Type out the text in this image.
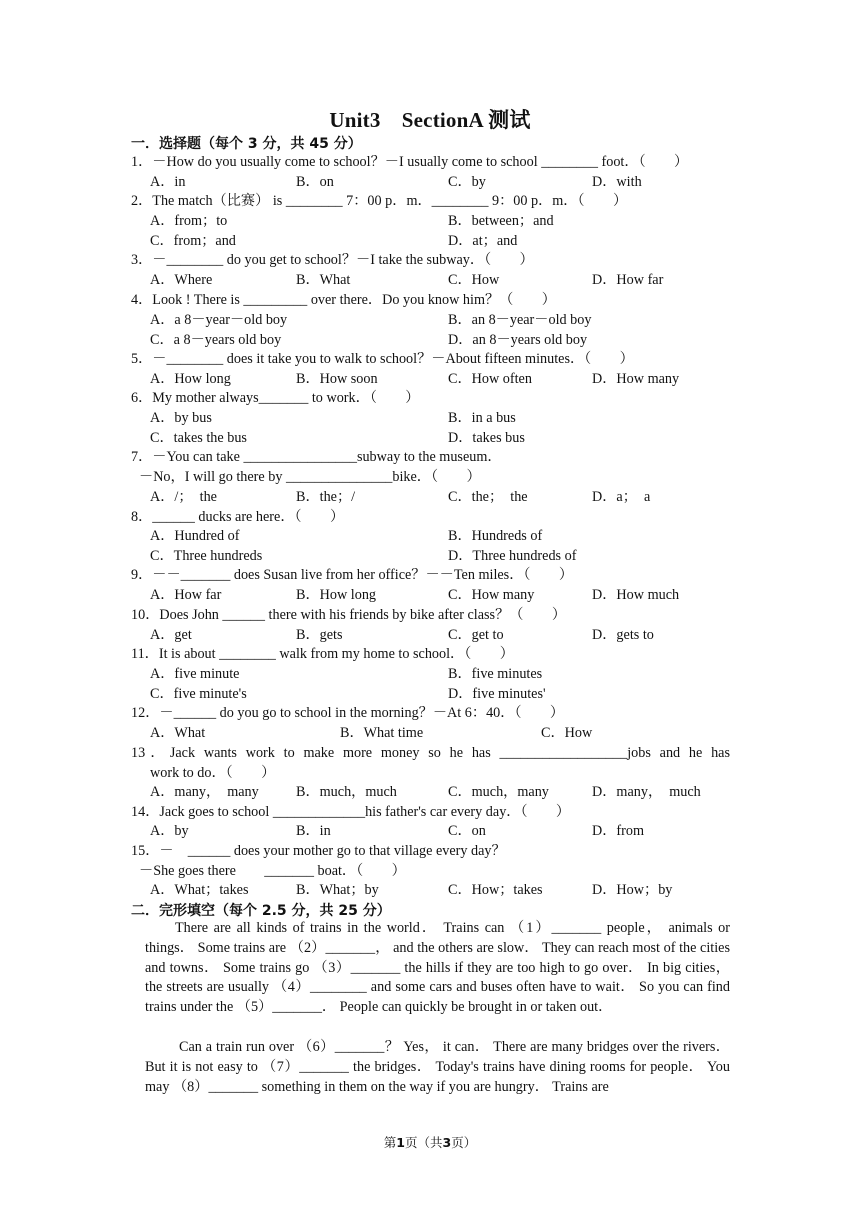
Unit3　SectionA 测试
一．选择题（每个 3 分，共 45 分）
1．－How do you usually come to school？－I usually come to school ________ foot．（　　）
A．in	B．on	C．by	D．with
2．The match（比赛） is ________ 7：00 p．m．________ 9：00 p．m．（　　）
A．from；to	B．between；and
C．from；and	D．at；and
3．－________ do you get to school？－I take the subway．（　　）
A．Where	B．What	C．How	D．How far
4．Look ! There is _________ over there．Do you know him？（　　）
A．a 8－year－old boy	B．an 8－year－old boy
C．a 8－years old boy	D．an 8－years old boy
5．－________ does it take you to walk to school？－About fifteen minutes．（　　）
A．How long	B．How soon	C．How often	D．How many
6．My mother always_______ to work．（　　）
A．by bus	B．in a bus
C．takes the bus	D．takes bus
7．－You can take ________________subway to the museum．
－No，I will go there by _______________bike．（　　）
A．/；　the	B．the；/	C．the；　the	D．a；　a
8．______ ducks are here．（　　）
A．Hundred of	B．Hundreds of
C．Three hundreds	D．Three hundreds of
9．－－_______ does Susan live from her office？－－Ten miles．（　　）
A．How far	B．How long	C．How many	D．How much
10．Does John ______ there with his friends by bike after class？（　　）
A．get	B．gets	C．get to	D．gets to
11．It is about ________ walk from my home to school．（　　）
A．five minute	B．five minutes
C．five minute's	D．five minutes'
12．－______ do you go to school in the morning？－At 6：40．（　　）
A．What	B．What time	C．How
13．Jack wants work to make more money so he has __________________jobs and he has
work to do．（　　）
A．many，　many	B．much，much	C．much，many	D．many，　much
14．Jack goes to school _____________his father's car every day．（　　）
A．by	B．in	C．on	D．from
15．－　______ does your mother go to that village every day？
－She goes there　　_______ boat．（　　）
A．What；takes	B．What；by	C．How；takes	D．How；by
二．完形填空（每个 2.5 分，共 25 分）
There are all kinds of trains in the world． Trains can （1）_______ people， animals or things． Some trains are （2）_______， and the others are slow． They can reach most of the cities and towns． Some trains go （3）_______ the hills if they are too high to go over． In big cities， the streets are usually （4）________ and some cars and buses often have to wait． So you can find trains under the （5）_______． People can quickly be brought in or taken out．
Can a train run over （6）_______？ Yes， it can． There are many bridges over the rivers． But it is not easy to （7）_______ the bridges． Today's trains have dining rooms for people． You may （8）_______ something in them on the way if you are hungry． Trains are
第1页（共3页）
